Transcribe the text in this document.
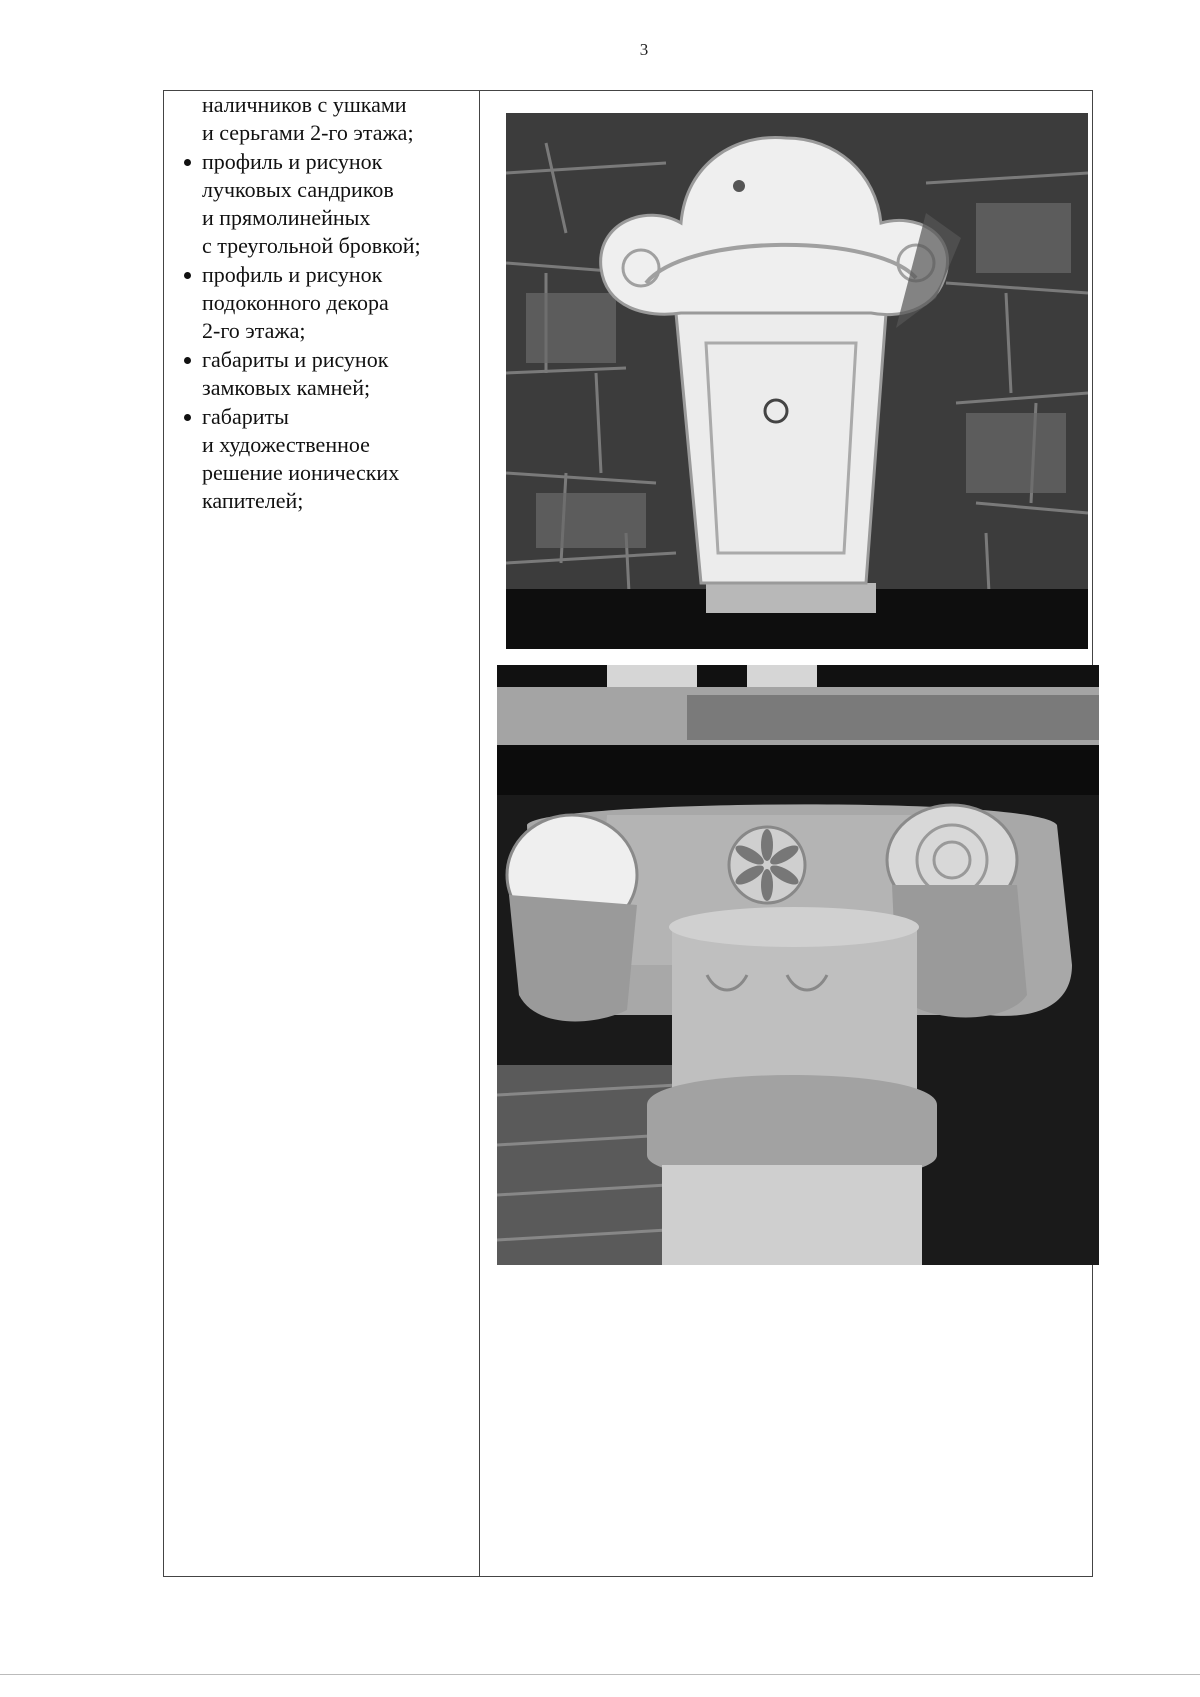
3
наличников с ушками
и серьгами 2-го этажа;
профиль и рисунок
лучковых сандриков
и прямолинейных
с треугольной бровкой;
профиль и рисунок
подоконного декора
2-го этажа;
габариты и рисунок
замковых камней;
габариты
и художественное
решение ионических
капителей;
